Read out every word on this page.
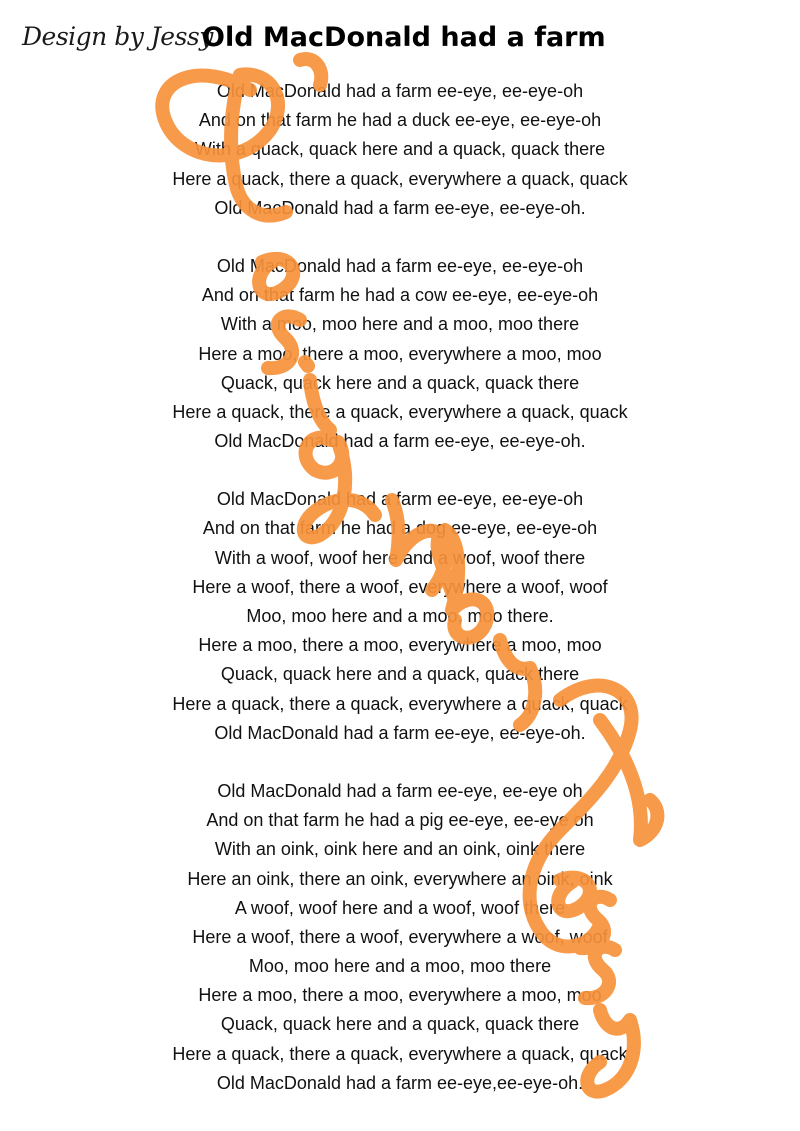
Design by Jessy
Old MacDonald had a farm
Old MacDonald had a farm ee-eye, ee-eye-oh
And on that farm he had a duck ee-eye, ee-eye-oh
With a quack, quack here and a quack, quack there
Here a quack, there a quack, everywhere a quack, quack
Old MacDonald had a farm ee-eye, ee-eye-oh.
Old MacDonald had a farm ee-eye, ee-eye-oh
And on that farm he had a cow ee-eye, ee-eye-oh
With a moo, moo here and a moo, moo there
Here a moo, there a moo, everywhere a moo, moo
Quack, quack here and a quack, quack there
Here a quack, there a quack, everywhere a quack, quack
Old MacDonald had a farm ee-eye, ee-eye-oh.
Old MacDonald had a farm ee-eye, ee-eye-oh
And on that farm he had a dog ee-eye, ee-eye-oh
With a woof, woof here and a woof, woof there
Here a woof, there a woof, everywhere a woof, woof
Moo, moo here and a moo, moo there.
Here a moo, there a moo, everywhere a moo, moo
Quack, quack here and a quack, quack there
Here a quack, there a quack, everywhere a quack, quack
Old MacDonald had a farm ee-eye, ee-eye-oh.
Old MacDonald had a farm ee-eye, ee-eye oh
And on that farm he had a pig ee-eye, ee-eye oh
With an oink, oink here and an oink, oink there
Here an oink, there an oink, everywhere an oink, oink
A woof, woof here and a woof, woof there
Here a woof, there a woof, everywhere a woof, woof
Moo, moo here and a moo, moo there
Here a moo, there a moo, everywhere a moo, moo
Quack, quack here and a quack, quack there
Here a quack, there a quack, everywhere a quack, quack
Old MacDonald had a farm ee-eye,ee-eye-oh.
